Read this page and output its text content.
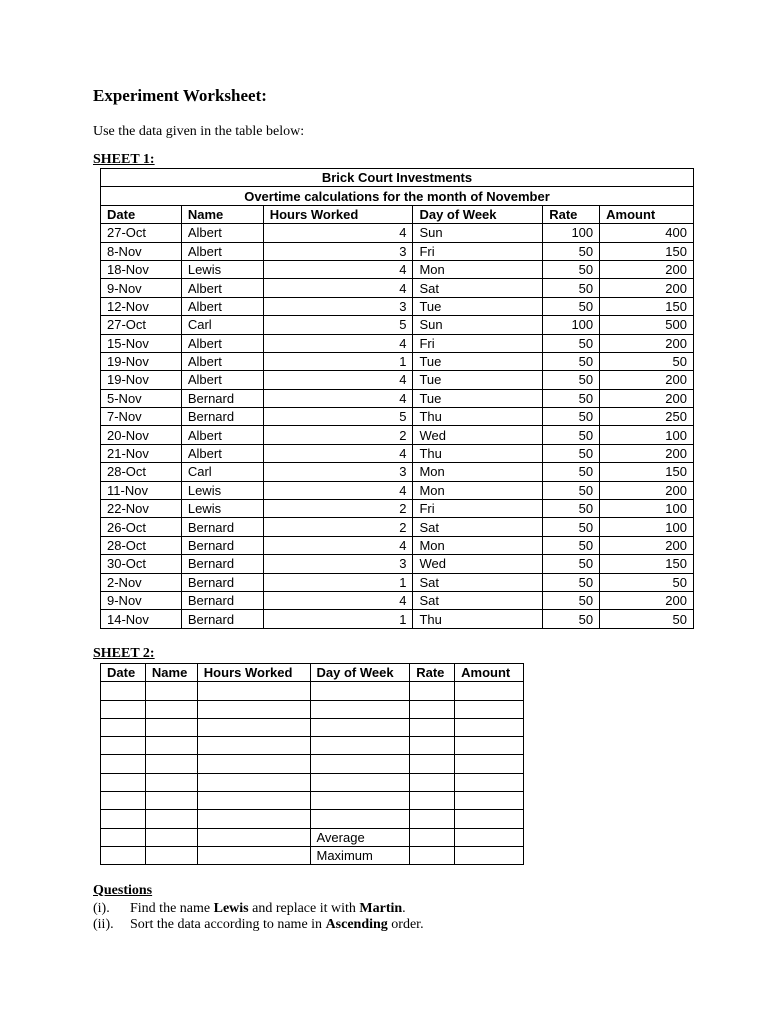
Experiment Worksheet:
Use the data given in the table below:
SHEET 1:
Brick Court Investments					
Overtime calculations for the month of November					
Date	Name	Hours Worked	Day of Week	Rate	Amount
27-Oct	Albert	4	Sun	100	400
8-Nov	Albert	3	Fri	50	150
18-Nov	Lewis	4	Mon	50	200
9-Nov	Albert	4	Sat	50	200
12-Nov	Albert	3	Tue	50	150
27-Oct	Carl	5	Sun	100	500
15-Nov	Albert	4	Fri	50	200
19-Nov	Albert	1	Tue	50	50
19-Nov	Albert	4	Tue	50	200
5-Nov	Bernard	4	Tue	50	200
7-Nov	Bernard	5	Thu	50	250
20-Nov	Albert	2	Wed	50	100
21-Nov	Albert	4	Thu	50	200
28-Oct	Carl	3	Mon	50	150
11-Nov	Lewis	4	Mon	50	200
22-Nov	Lewis	2	Fri	50	100
26-Oct	Bernard	2	Sat	50	100
28-Oct	Bernard	4	Mon	50	200
30-Oct	Bernard	3	Wed	50	150
2-Nov	Bernard	1	Sat	50	50
9-Nov	Bernard	4	Sat	50	200
14-Nov	Bernard	1	Thu	50	50
SHEET 2:
Date	Name	Hours Worked	Day of Week	Rate	Amount

			Average		
			Maximum		
Questions
(i). Find the name Lewis and replace it with Martin.
(ii). Sort the data according to name in Ascending order.
